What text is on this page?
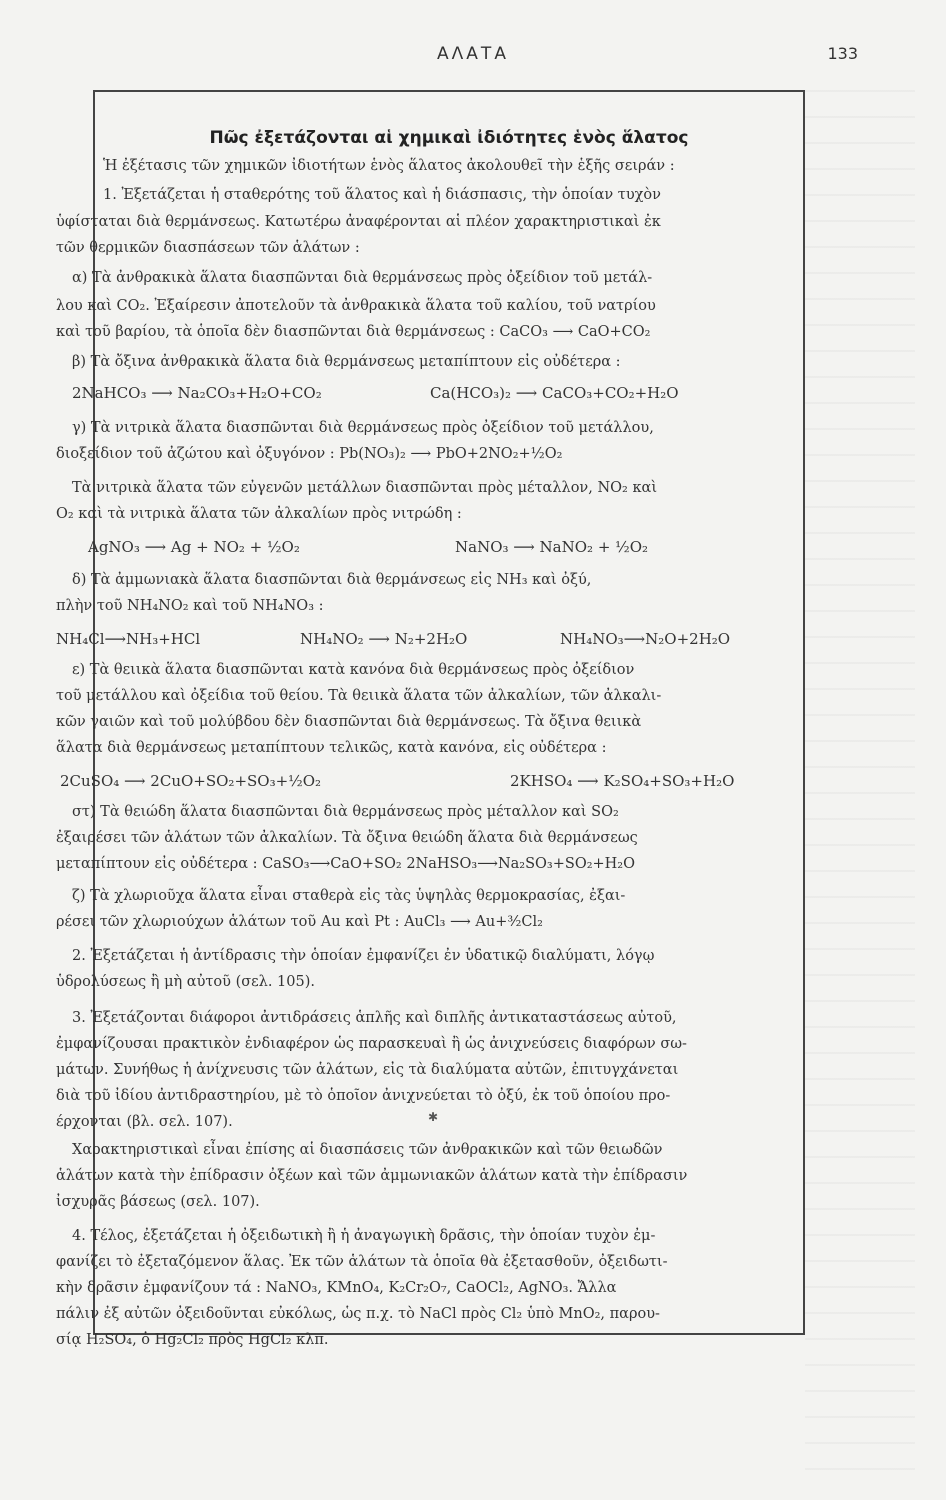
ΑΛΑΤΑ	133
Πῶς ἐξετάζονται αἱ χημικαὶ ἰδιότητες ἑνὸς ἅλατος
Ἡ ἐξέτασις τῶν χημικῶν ἰδιοτήτων ἑνὸς ἅλατος ἀκολουθεῖ τὴν ἑξῆς σειράν :
1. Ἐξετάζεται ἡ σταθερότης τοῦ ἅλατος καὶ ἡ διάσπασις, τὴν ὁποίαν τυχὸν
ὑφίσταται διὰ θερμάνσεως. Κατωτέρω ἀναφέρονται αἱ πλέον χαρακτηριστικαὶ ἐκ
τῶν θερμικῶν διασπάσεων τῶν ἁλάτων :
α) Τὰ ἀνθρακικὰ ἅλατα διασπῶνται διὰ θερμάνσεως πρὸς ὀξείδιον τοῦ μετάλ-
λου καὶ CO₂. Ἐξαίρεσιν ἀποτελοῦν τὰ ἀνθρακικὰ ἅλατα τοῦ καλίου, τοῦ νατρίου
καὶ τοῦ βαρίου, τὰ ὁποῖα δὲν διασπῶνται διὰ θερμάνσεως : CaCO₃ ⟶ CaO+CO₂
β) Τὰ ὄξινα ἀνθρακικὰ ἅλατα διὰ θερμάνσεως μεταπίπτουν εἰς οὐδέτερα :
2NaHCO₃ ⟶ Na₂CO₃+H₂O+CO₂	Ca(HCO₃)₂ ⟶ CaCO₃+CO₂+H₂O
γ) Τὰ νιτρικὰ ἅλατα διασπῶνται διὰ θερμάνσεως πρὸς ὀξείδιον τοῦ μετάλλου,
διοξείδιον τοῦ ἀζώτου καὶ ὀξυγόνον : Pb(NO₃)₂ ⟶ PbO+2NO₂+½O₂
Τὰ νιτρικὰ ἅλατα τῶν εὐγενῶν μετάλλων διασπῶνται πρὸς μέταλλον, NO₂ καὶ
O₂ καὶ τὰ νιτρικὰ ἅλατα τῶν ἀλκαλίων πρὸς νιτρώδη :
AgNO₃ ⟶ Ag + NO₂ + ½O₂	NaNO₃ ⟶ NaNO₂ + ½O₂
δ) Τὰ ἀμμωνιακὰ ἅλατα διασπῶνται διὰ θερμάνσεως εἰς NH₃ καὶ ὀξύ,
πλὴν τοῦ NH₄NO₂ καὶ τοῦ NH₄NO₃ :
NH₄Cl⟶NH₃+HCl	NH₄NO₂ ⟶ N₂+2H₂O	NH₄NO₃⟶N₂O+2H₂O
ε) Τὰ θειικὰ ἅλατα διασπῶνται κατὰ κανόνα διὰ θερμάνσεως πρὸς ὀξείδιον
τοῦ μετάλλου καὶ ὀξείδια τοῦ θείου. Τὰ θειικὰ ἅλατα τῶν ἀλκαλίων, τῶν ἀλκαλι-
κῶν γαιῶν καὶ τοῦ μολύβδου δὲν διασπῶνται διὰ θερμάνσεως. Τὰ ὄξινα θειικὰ
ἅλατα διὰ θερμάνσεως μεταπίπτουν τελικῶς, κατὰ κανόνα, εἰς οὐδέτερα :
2CuSO₄ ⟶ 2CuO+SO₂+SO₃+½O₂	2KHSO₄ ⟶ K₂SO₄+SO₃+H₂O
στ) Τὰ θειώδη ἅλατα διασπῶνται διὰ θερμάνσεως πρὸς μέταλλον καὶ SO₂
ἐξαιρέσει τῶν ἁλάτων τῶν ἀλκαλίων. Τὰ ὄξινα θειώδη ἅλατα διὰ θερμάνσεως
μεταπίπτουν εἰς οὐδέτερα : CaSO₃⟶CaO+SO₂ 2NaHSO₃⟶Na₂SO₃+SO₂+H₂O
ζ) Τὰ χλωριοῦχα ἅλατα εἶναι σταθερὰ εἰς τὰς ὑψηλὰς θερμοκρασίας, ἐξαι-
ρέσει τῶν χλωριούχων ἁλάτων τοῦ Au καὶ Pt : AuCl₃ ⟶ Au+³⁄₂Cl₂
2. Ἐξετάζεται ἡ ἀντίδρασις τὴν ὁποίαν ἐμφανίζει ἐν ὑδατικῷ διαλύματι, λόγῳ
ὑδρολύσεως ἢ μὴ αὐτοῦ (σελ. 105).
3. Ἐξετάζονται διάφοροι ἀντιδράσεις ἁπλῆς καὶ διπλῆς ἀντικαταστάσεως αὐτοῦ,
ἐμφανίζουσαι πρακτικὸν ἐνδιαφέρον ὡς παρασκευαὶ ἢ ὡς ἀνιχνεύσεις διαφόρων σω-
μάτων. Συνήθως ἡ ἀνίχνευσις τῶν ἁλάτων, εἰς τὰ διαλύματα αὐτῶν, ἐπιτυγχάνεται
διὰ τοῦ ἰδίου ἀντιδραστηρίου, μὲ τὸ ὁποῖον ἀνιχνεύεται τὸ ὀξύ, ἐκ τοῦ ὁποίου προ-
έρχονται (βλ. σελ. 107).	✱
Χαρακτηριστικαὶ εἶναι ἐπίσης αἱ διασπάσεις τῶν ἀνθρακικῶν καὶ τῶν θειωδῶν
ἁλάτων κατὰ τὴν ἐπίδρασιν ὀξέων καὶ τῶν ἀμμωνιακῶν ἁλάτων κατὰ τὴν ἐπίδρασιν
ἰσχυρᾶς βάσεως (σελ. 107).
4. Τέλος, ἐξετάζεται ἡ ὀξειδωτικὴ ἢ ἡ ἀναγωγικὴ δρᾶσις, τὴν ὁποίαν τυχὸν ἐμ-
φανίζει τὸ ἐξεταζόμενον ἅλας. Ἐκ τῶν ἁλάτων τὰ ὁποῖα θὰ ἐξετασθοῦν, ὀξειδωτι-
κὴν δρᾶσιν ἐμφανίζουν τά : NaNO₃, KMnO₄, K₂Cr₂O₇, CaOCl₂, AgNO₃. Ἄλλα
πάλιν ἐξ αὐτῶν ὀξειδοῦνται εὐκόλως, ὡς π.χ. τὸ NaCl πρὸς Cl₂ ὑπὸ MnO₂, παρου-
σίᾳ H₂SO₄, ὁ Hg₂Cl₂ πρὸς HgCl₂ κλπ.
